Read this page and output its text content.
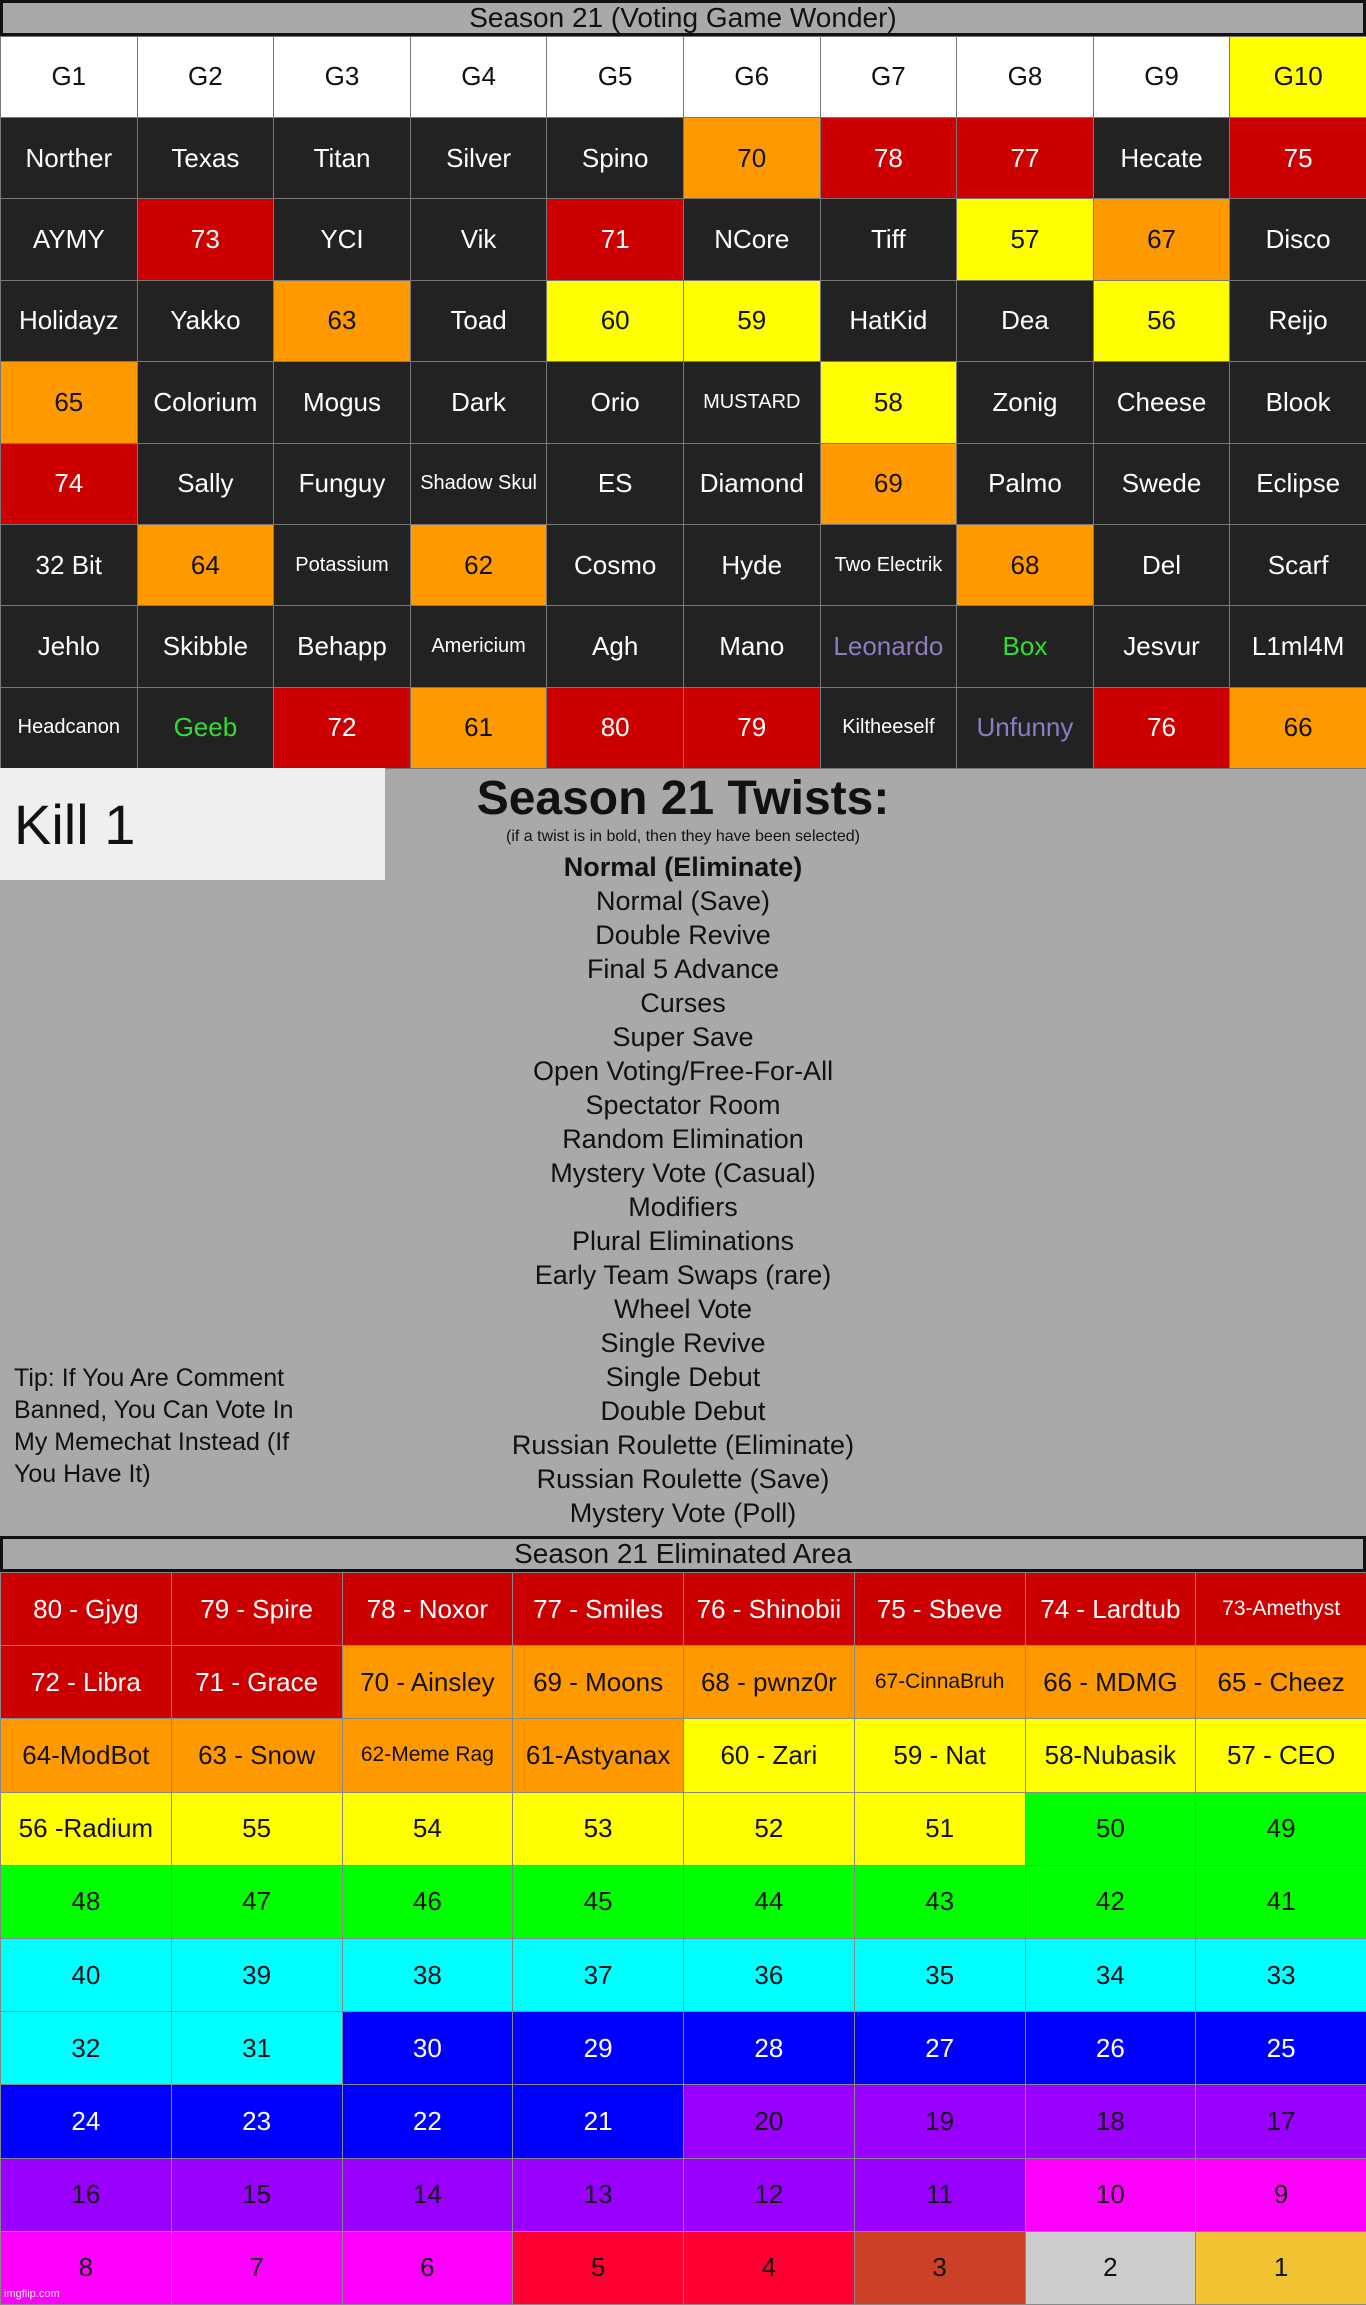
Season 21 (Voting Game Wonder)
G1	G2	G3	G4	G5	G6	G7	G8	G9	G10
Norther	Texas	Titan	Silver	Spino	70	78	77	Hecate	75
AYMY	73	YCI	Vik	71	NCore	Tiff	57	67	Disco
Holidayz	Yakko	63	Toad	60	59	HatKid	Dea	56	Reijo
65	Colorium	Mogus	Dark	Orio	MUSTARD	58	Zonig	Cheese	Blook
74	Sally	Funguy	Shadow Skul	ES	Diamond	69	Palmo	Swede	Eclipse
32 Bit	64	Potassium	62	Cosmo	Hyde	Two Electrik	68	Del	Scarf
Jehlo	Skibble	Behapp	Americium	Agh	Mano	Leonardo	Box	Jesvur	L1ml4M
Headcanon	Geeb	72	61	80	79	Kiltheeself	Unfunny	76	66
Kill 1	Season 21 Twists:
(if a twist is in bold, then they have been selected)
Normal (Eliminate)
Normal (Save)
Double Revive
Final 5 Advance
Curses
Super Save
Open Voting/Free-For-All
Spectator Room
Random Elimination
Mystery Vote (Casual)
Modifiers
Plural Eliminations
Early Team Swaps (rare)
Wheel Vote
Single Revive
Single Debut
Double Debut
Russian Roulette (Eliminate)
Russian Roulette (Save)
Mystery Vote (Poll)
Tip: If You Are Comment Banned, You Can Vote In My Memechat Instead (If You Have It)
Season 21 Eliminated Area
80 - Gjyg	79 - Spire	78 - Noxor	77 - Smiles	76 - Shinobii	75 - Sbeve	74 - Lardtub	73-Amethyst
72 - Libra	71 - Grace	70 - Ainsley	69 - Moons	68 - pwnz0r	67-CinnaBruh	66 - MDMG	65 - Cheez
64-ModBot	63 - Snow	62-Meme Rag	61-Astyanax	60 - Zari	59 - Nat	58-Nubasik	57 - CEO
56 -Radium	55	54	53	52	51	50	49
48	47	46	45	44	43	42	41
40	39	38	37	36	35	34	33
32	31	30	29	28	27	26	25
24	23	22	21	20	19	18	17
16	15	14	13	12	11	10	9
8	7	6	5	4	3	2	1
imgflip.com
